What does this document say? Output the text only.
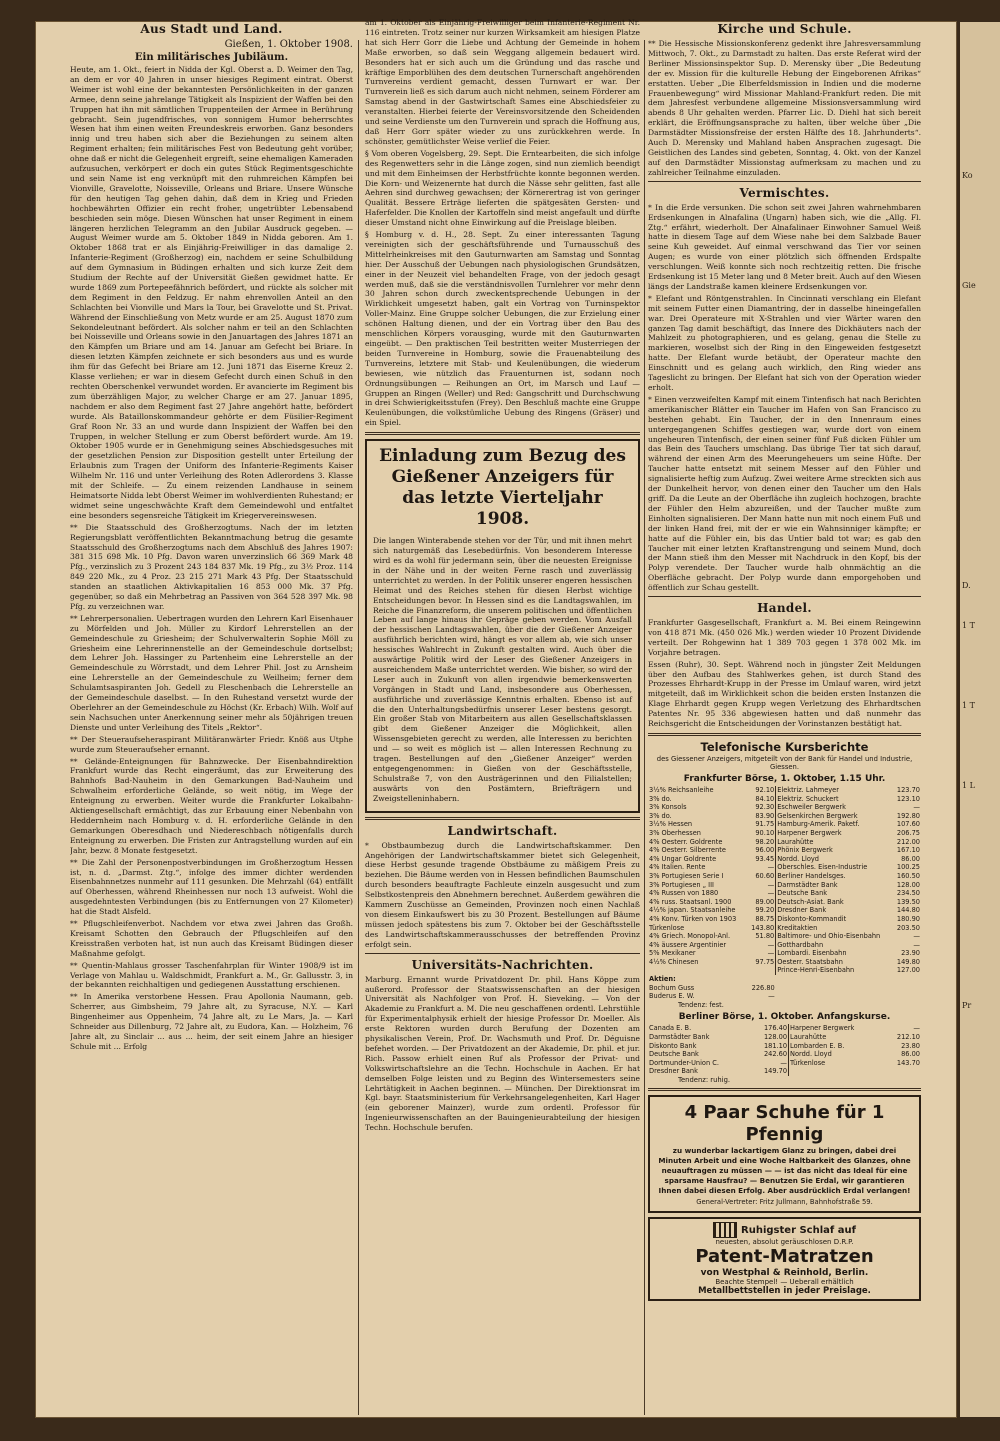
Ko
Gie
D.
1 T
1 T
1 L
Pr
Aus Stadt und Land.
Gießen, 1. Oktober 1908.
Ein militärisches Jubiläum.

Heute, am 1. Okt., feiert in Nidda der Kgl. Oberst a. D. Weimer den Tag, an dem er vor 40 Jahren in unser hiesiges Regiment eintrat. Oberst Weimer ist wohl eine der bekanntesten Persönlichkeiten in der ganzen Armee, denn seine jahrelange Tätigkeit als Inspizient der Waffen bei den Truppen hat ihn mit sämtlichen Truppenteilen der Armee in Berührung gebracht. Sein jugendfrisches, von sonnigem Humor beherrschtes Wesen hat ihm einen weiten Freundeskreis erworben. Ganz besonders innig und treu haben sich aber die Beziehungen zu seinem alten Regiment erhalten; fein militärisches Fest von Bedeutung geht vorüber, ohne daß er nicht die Gelegenheit ergreift, seine ehemaligen Kameraden aufzusuchen, verkörpert er doch ein gutes Stück Regimentsgeschichte und sein Name ist eng verknüpft mit den ruhmreichen Kämpfen bei Vionville, Gravelotte, Noisseville, Orleans und Briare. Unsere Wünsche für den heutigen Tag gehen dahin, daß dem in Krieg und Frieden hochbewährten Offizier ein recht froher, ungetrübter Lebensabend beschieden sein möge. Diesen Wünschen hat unser Regiment in einem längeren herzlichen Telegramm an den Jubilar Ausdruck gegeben. — August Weimer wurde am 5. Oktober 1849 in Nidda geboren. Am 1. Oktober 1868 trat er als Einjährig-Freiwilliger in das damalige 2. Infanterie-Regiment (Großherzog) ein, nachdem er seine Schulbildung auf dem Gymnasium in Büdingen erhalten und sich kurze Zeit dem Studium der Rechte auf der Universität Gießen gewidmet hatte. Er wurde 1869 zum Portepeefähnrich befördert, und rückte als solcher mit dem Regiment in den Feldzug. Er nahm ehrenvollen Anteil an den Schlachten bei Vionville und Mars la Tour, bei Gravelotte und St. Privat. Während der Einschließung von Metz wurde er am 25. August 1870 zum Sekondeleutnant befördert. Als solcher nahm er teil an den Schlachten bei Noisseville und Orleans sowie in den Januartagen des Jahres 1871 an den Kämpfen um Briare und am 14. Januar am Gefecht bei Briare. In diesen letzten Kämpfen zeichnete er sich besonders aus und es wurde ihm für das Gefecht bei Briare am 12. Juni 1871 das Eiserne Kreuz 2. Klasse verliehen; er war in diesem Gefecht durch einen Schuß in den rechten Oberschenkel verwundet worden. Er avancierte im Regiment bis zum überzähligen Major, zu welcher Charge er am 27. Januar 1895, nachdem er also dem Regiment fast 27 Jahre angehört hatte, befördert wurde. Als Bataillonskommandeur gehörte er dem Füsilier-Regiment Graf Roon Nr. 33 an und wurde dann Inspizient der Waffen bei den Truppen, in welcher Stellung er zum Oberst befördert wurde. Am 19. Oktober 1905 wurde er in Genehmigung seines Abschiedsgesuches mit der gesetzlichen Pension zur Disposition gestellt unter Erteilung der Erlaubnis zum Tragen der Uniform des Infanterie-Regiments Kaiser Wilhelm Nr. 116 und unter Verleihung des Roten Adlerordens 3. Klasse mit der Schleife. — Zu einem reizenden Landhause in seinem Heimatsorte Nidda lebt Oberst Weimer im wohlverdienten Ruhestand; er widmet seine ungeschwächte Kraft dem Gemeindewohl und entfaltet eine besonders segensreiche Tätigkeit im Kriegervereinswesen.

** Die Staatsschuld des Großherzogtums. Nach der im letzten Regierungsblatt veröffentlichten Bekanntmachung betrug die gesamte Staatsschuld des Großherzogtums nach dem Abschluß des Jahres 1907: 381 315 698 Mk. 10 Pfg. Davon waren unverzinslich 66 369 Mark 48 Pfg., verzinslich zu 3 Prozent 243 184 837 Mk. 19 Pfg., zu 3½ Proz. 114 849 220 Mk., zu 4 Proz. 23 215 271 Mark 43 Pfg. Der Staatsschuld standen an staatlichen Aktivkapitalien 16 853 000 Mk. 37 Pfg. gegenüber, so daß ein Mehrbetrag an Passiven von 364 528 397 Mk. 98 Pfg. zu verzeichnen war.

** Lehrerpersonalien. Uebertragen wurden den Lehrern Karl Eisenhauer zu Mörfelden und Joh. Müller zu Kirdorf Lehrerstellen an der Gemeindeschule zu Griesheim; der Schulverwalterin Sophie Möll zu Griesheim eine Lehrerinnenstelle an der Gemeindeschule dortselbst; dem Lehrer Joh. Hassinger zu Partenheim eine Lehrerstelle an der Gemeindeschule zu Wörrstadt, und dem Lehrer Phil. Jost zu Arnsheim eine Lehrerstelle an der Gemeindeschule zu Weilheim; ferner dem Schulamtsaspiranten Joh. Gedell zu Fleschenbach die Lehrerstelle an der Gemeindeschule daselbst. — In den Ruhestand versetzt wurde der Oberlehrer an der Gemeindeschule zu Höchst (Kr. Erbach) Wilh. Wolf auf sein Nachsuchen unter Anerkennung seiner mehr als 50jährigen treuen Dienste und unter Verleihung des Titels „Rektor“.

** Der Steueraufseheraspirant Militäranwärter Friedr. Knöß aus Utphe wurde zum Steueraufseher ernannt.

** Gelände-Enteignungen für Bahnzwecke. Der Eisenbahndirektion Frankfurt wurde das Recht eingeräumt, das zur Erweiterung des Bahnhofs Bad-Nauheim in den Gemarkungen Bad-Nauheim und Schwalheim erforderliche Gelände, so weit nötig, im Wege der Enteignung zu erwerben. Weiter wurde die Frankfurter Lokalbahn-Aktiengesellschaft ermächtigt, das zur Erbauung einer Nebenbahn von Heddernheim nach Homburg v. d. H. erforderliche Gelände in den Gemarkungen Oberesdhach und Niedereschbach nötigenfalls durch Enteignung zu erwerben. Die Fristen zur Antragstellung wurden auf ein Jahr, bezw. 8 Monate festgesetzt.

** Die Zahl der Personenpostverbindungen im Großherzogtum Hessen ist, n. d. „Darmst. Ztg.“, infolge des immer dichter werdenden Eisenbahnnetzes nunmehr auf 111 gesunken. Die Mehrzahl (64) entfällt auf Oberhessen, während Rheinhessen nur noch 13 aufweist. Wohl die ausgedehntesten Verbindungen (bis zu Entfernungen von 27 Kilometer) hat die Stadt Alsfeld.

** Pflugschleifenverbot. Nachdem vor etwa zwei Jahren das Großh. Kreisamt Schotten den Gebrauch der Pflugschleifen auf den Kreisstraßen verboten hat, ist nun auch das Kreisamt Büdingen dieser Maßnahme gefolgt.

** Quentin-Mahlaus grosser Taschenfahrplan für Winter 1908/9 ist im Verlage von Mahlau u. Waldschmidt, Frankfurt a. M., Gr. Gallusstr. 3, in der bekannten reichhaltigen und gediegenen Ausstattung erschienen.

** In Amerika verstorbene Hessen. Frau Apollonia Naumann, geb. Scherrer, aus Gimbsheim, 79 Jahre alt, zu Syracuse, N.Y. — Karl Bingenheimer aus Oppenheim, 74 Jahre alt, zu Le Mars, Ja. — Karl Schneider aus Dillenburg, 72 Jahre alt, zu Eudora, Kan. — Holzheim, 76 Jahre alt, zu Sinclair ... aus ... heim, der seit einem Jahre an hiesiger Schule mit ... Erfolg

am 1. Oktober als Einjährig-Freiwilliger beim Infanterie-Regiment Nr. 116 eintreten. Trotz seiner nur kurzen Wirksamkeit am hiesigen Platze hat sich Herr Gorr die Liebe und Achtung der Gemeinde in hohem Maße erworben, so daß sein Weggang allgemein bedauert wird. Besonders hat er sich auch um die Gründung und das rasche und kräftige Emporblühen des dem deutschen Turnerschaft angehörenden Turnvereins verdient gemacht, dessen Turnwart er war. Der Turnverein ließ es sich darum auch nicht nehmen, seinem Förderer am Samstag abend in der Gastwirtschaft Sames eine Abschiedsfeier zu veranstalten. Hierbei feierte der Vereinsvorsitzende den Scheidenden und seine Verdienste um den Turnverein und sprach die Hoffnung aus, daß Herr Gorr später wieder zu uns zurückkehren werde. In schönster, gemütlichster Weise verlief die Feier.

§ Vom oberen Vogelsberg, 29. Sept. Die Erntearbeiten, die sich infolge des Regenwetters sehr in die Länge zogen, sind nun ziemlich beendigt und mit dem Einheimsen der Herbstfrüchte konnte begonnen werden. Die Korn- und Weizenernte hat durch die Nässe sehr gelitten, fast alle Aehren sind durchweg gewachsen; der Körnerertrag ist von geringer Qualität. Bessere Erträge lieferten die spätgesäten Gersten- und Haferfelder. Die Knollen der Kartoffeln sind meist angefault und dürfte dieser Umstand nicht ohne Einwirkung auf die Preislage bleiben.

§ Homburg v. d. H., 28. Sept. Zu einer interessanten Tagung vereinigten sich der geschäftsführende und Turnausschuß des Mittelrheinkreises mit den Gauturnwarten am Samstag und Sonntag hier. Der Ausschuß der Uebungen nach physiologischen Grundsätzen, einer in der Neuzeit viel behandelten Frage, von der jedoch gesagt werden muß, daß sie die verständnisvollen Turnlehrer vor mehr denn 30 Jahren schon durch zweckentsprechende Uebungen in der Wirklichkeit umgesetzt haben, galt ein Vortrag von Turninspektor Voller-Mainz. Eine Gruppe solcher Uebungen, die zur Erzielung einer schönen Haltung dienen, und der ein Vortrag über den Bau des menschlichen Körpers vorausging, wurde mit den Gauturnwarten eingeübt. — Den praktischen Teil bestritten weiter Musterriegen der beiden Turnvereine in Homburg, sowie die Frauenabteilung des Turnvereins, letztere mit Stab- und Keulenübungen, die wiederum bewiesen, wie nützlich das Frauenturnen ist, sodann noch Ordnungsübungen — Reihungen an Ort, im Marsch und Lauf — Gruppen an Ringen (Weller) und Red: Gangschritt und Durchschwung in drei Schwierigkeitsstufen (Frey). Den Beschluß machte eine Gruppe Keulenübungen, die volkstümliche Uebung des Ringens (Gräser) und ein Spiel.

Einladung zum Bezug des Gießener Anzeigers für das letzte Vierteljahr 1908.

Die langen Winterabende stehen vor der Tür, und mit ihnen mehrt sich naturgemäß das Lesebedürfnis. Von besonderem Interesse wird es da wohl für jedermann sein, über die neuesten Ereignisse in der Nähe und in der weiten Ferne rasch und zuverlässig unterrichtet zu werden. In der Politik unserer engeren hessischen Heimat und des Reiches stehen für diesen Herbst wichtige Entscheidungen bevor. In Hessen sind es die Landtagswahlen, im Reiche die Finanzreform, die unserem politischen und öffentlichen Leben auf lange hinaus ihr Gepräge geben werden. Vom Ausfall der hessischen Landtagswahlen, über die der Gießener Anzeiger ausführlich berichten wird, hängt es vor allem ab, wie sich unser hessisches Wahlrecht in Zukunft gestalten wird. Auch über die auswärtige Politik wird der Leser des Gießener Anzeigers in ausreichendem Maße unterrichtet werden. Wie bisher, so wird der Leser auch in Zukunft von allen irgendwie bemerkenswerten Vorgängen in Stadt und Land, insbesondere aus Oberhessen, ausführliche und zuverlässige Kenntnis erhalten. Ebenso ist auf die den Unterhaltungsbedürfnis unserer Leser bestens gesorgt. Ein großer Stab von Mitarbeitern aus allen Gesellschaftsklassen gibt dem Gießener Anzeiger die Möglichkeit, allen Wissensgebieten gerecht zu werden, alle Interessen zu berichten und — so weit es möglich ist — allen Interessen Rechnung zu tragen. Bestellungen auf den „Gießener Anzeiger“ werden entgegengenommen: in Gießen von der Geschäftsstelle, Schulstraße 7, von den Austrägerinnen und den Filialstellen; auswärts von den Postämtern, Briefträgern und Zweigstelleninhabern.

Landwirtschaft.

* Obstbaumbezug durch die Landwirtschaftskammer. Den Angehörigen der Landwirtschaftskammer bietet sich Gelegenheit, diese Herbst gesunde tragende Obstbäume zu mäßigem Preis zu beziehen. Die Bäume werden von in Hessen befindlichen Baumschulen durch besonders beauftragte Fachleute einzeln ausgesucht und zum Selbstkostenpreis den Abnehmern berechnet. Außerdem gewähren die Kammern Zuschüsse an Gemeinden, Provinzen noch einen Nachlaß von diesem Einkaufswert bis zu 30 Prozent. Bestellungen auf Bäume müssen jedoch spätestens bis zum 7. Oktober bei der Geschäftsstelle des Landwirtschaftskammerausschusses der betreffenden Provinz erfolgt sein.

Universitäts-Nachrichten.

Marburg. Ernannt wurde Privatdozent Dr. phil. Hans Köppe zum außerord. Professor der Staatswissenschaften an der hiesigen Universität als Nachfolger von Prof. H. Sieveking. — Von der Akademie zu Frankfurt a. M. Die neu geschaffenen ordentl. Lehrstühle für Experimentalphysik erhielt der hiesige Professor Dr. Moeller. Als erste Rektoren wurden durch Berufung der Dozenten am physikalischen Verein, Prof. Dr. Wachsmuth und Prof. Dr. Déguisne befehet worden. — Der Privatdozent an der Akademie, Dr. phil. et jur. Rich. Passow erhielt einen Ruf als Professor der Privat- und Volkswirtschaftslehre an die Techn. Hochschule in Aachen. Er hat demselben Folge leisten und zu Beginn des Wintersemesters seine Lehrtätigkeit in Aachen beginnen. — München. Der Direktionsrat im Kgl. bayr. Staatsministerium für Verkehrsangelegenheiten, Karl Hager (ein geborener Mainzer), wurde zum ordentl. Professor für Ingenieurwissenschaften an der Bauingenieurabteilung der hiesigen Techn. Hochschule berufen.

Kirche und Schule.

** Die Hessische Missionskonferenz gedenkt ihre Jahresversammlung Mittwoch, 7. Okt., zu Darmstadt zu halten. Das erste Referat wird der Berliner Missionsinspektor Sup. D. Merensky über „Die Bedeutung der ev. Mission für die kulturelle Hebung der Eingeborenen Afrikas“ erstatten. Ueber „Die Elberfeldsmission in Indien und die moderne Frauenbewegung“ wird Missionar Mahland-Frankfurt reden. Die mit dem Jahresfest verbundene allgemeine Missionsversammlung wird abends 8 Uhr gehalten werden. Pfarrer Lic. D. Diehl hat sich bereit erklärt, die Eröffnungsansprache zu halten, über welche über „Die Darmstädter Missionsfreise der ersten Hälfte des 18. Jahrhunderts“. Auch D. Merensky und Mahland haben Ansprachen zugesagt. Die Geistlichen des Landes sind gebeten, Sonntag, 4. Okt. von der Kanzel auf den Darmstädter Missionstag aufmerksam zu machen und zu zahlreicher Teilnahme einzuladen.

Vermischtes.

* In die Erde versunken. Die schon seit zwei Jahren wahrnehmbaren Erdsenkungen in Alnafalina (Ungarn) haben sich, wie die „Allg. Fl. Ztg.“ erfährt, wiederholt. Der Alnafalinaer Einwohner Samuel Weiß hatte in diesem Tage auf dem Wiese nahe bei dem Salzbade Bauer seine Kuh geweidet. Auf einmal verschwand das Tier vor seinen Augen; es wurde von einer plötzlich sich öffnenden Erdspalte verschlungen. Weiß konnte sich noch rechtzeitig retten. Die frische Erdsenkung ist 15 Meter lang und 8 Meter breit. Auch auf den Wiesen längs der Landstraße kamen kleinere Erdsenkungen vor.

* Elefant und Röntgenstrahlen. In Cincinnati verschlang ein Elefant mit seinem Futter einen Diamantring, der in dasselbe hineingefallen war. Drei Operateure mit X-Strahlen und vier Wärter waren den ganzen Tag damit beschäftigt, das Innere des Dickhäuters nach der Mahlzeit zu photographieren, und es gelang, genau die Stelle zu markieren, woselbst sich der Ring in den Eingeweiden festgesetzt hatte. Der Elefant wurde betäubt, der Operateur machte den Einschnitt und es gelang auch wirklich, den Ring wieder ans Tageslicht zu bringen. Der Elefant hat sich von der Operation wieder erholt.

* Einen verzweifelten Kampf mit einem Tintenfisch hat nach Berichten amerikanischer Blätter ein Taucher im Hafen von San Francisco zu bestehen gehabt. Ein Taucher, der in den Innenraum eines untergegangenen Schiffes gestiegen war, wurde dort von einem ungeheuren Tintenfisch, der einen seiner fünf Fuß dicken Fühler um das Bein des Tauchers umschlang. Das übrige Tier tat sich darauf, während der einen Arm des Meerungeheuers um seine Hüfte. Der Taucher hatte entsetzt mit seinem Messer auf den Fühler und signalisierte heftig zum Aufzug. Zwei weitere Arme streckten sich aus der Dunkelheit hervor, von denen einer den Taucher um den Hals griff. Da die Leute an der Oberfläche ihn zugleich hochzogen, brachte der Fühler den Helm abzureißen, und der Taucher mußte zum Einholten signalisieren. Der Mann hatte nun mit noch einem Fuß und der linken Hand frei, mit der er wie ein Wahnsinniger kämpfte; er hatte auf die Fühler ein, bis das Untier bald tot war; es gab den Taucher mit einer letzten Kraftanstrengung und seinem Mund, doch der Mann stieß ihm den Messer mit Nachdruck in den Kopf, bis der Polyp verendete. Der Taucher wurde halb ohnmächtig an die Oberfläche gebracht. Der Polyp wurde dann emporgehoben und öffentlich zur Schau gestellt.

Handel.

Frankfurter Gasgesellschaft, Frankfurt a. M. Bei einem Reingewinn von 418 871 Mk. (450 026 Mk.) werden wieder 10 Prozent Dividende verteilt. Der Rohgewinn hat 1 389 703 gegen 1 378 002 Mk. im Vorjahre betragen.

Essen (Ruhr), 30. Sept. Während noch in jüngster Zeit Meldungen über den Aufbau des Stahlwerkes gehen, ist durch Stand des Prozesses Ehrhardt-Krupp in der Presse im Umlauf waren, wird jetzt mitgeteilt, daß im Wirklichkeit schon die beiden ersten Instanzen die Klage Ehrhardt gegen Krupp wegen Verletzung des Ehrhardtschen Patentes Nr. 95 336 abgewiesen hatten und daß nunmehr das Reichsgericht die Entscheidungen der Vorinstanzen bestätigt hat.

Telefonische Kursberichte
des Giessener Anzeigers, mitgeteilt von der Bank für Handel und Industrie, Giessen.
Frankfurter Börse, 1. Oktober, 1.15 Uhr.
3½% Reichsanleihe	92.10	Elektriz. Lahmeyer	123.70
3% do.	84.10	Elektriz. Schuckert	123.10
3% Konsols	92.30	Eschweiler Bergwerk	—
3% do.	83.90	Gelsenkirchen Bergwerk	192.80
3½% Hessen	91.75	Hamburg-Amerik. Paketf.	107.60
3% Oberhessen	90.10	Harpener Bergwerk	206.75
4% Oesterr. Goldrente	98.20	Laurahütte	212.00
4% Oesterr. Silberrente	96.00	Phönix Bergwerk	167.10
4% Ungar Goldrente	93.45	Nordd. Lloyd	86.00
4% Italien. Rente	—	Oberschles. Eisen-Industrie	100.25
3% Portugiesen Serie I	60.60	Berliner Handelsges.	160.50
3% Portugiesen „ III	—	Darmstädter Bank	128.00
4% Russen von 1880	—	Deutsche Bank	234.50
4% russ. Staatsanl. 1900	89.00	Deutsch-Asiat. Bank	139.50
4½% japan. Staatsanleihe	99.20	Dresdner Bank	144.80
4% Konv. Türken von 1903	88.75	Diskonto-Kommandit	180.90
Türkenlose	143.80	Kreditaktien	203.50
4% Griech. Monopol-Anl.	51.80	Baltimore- und Ohio-Eisenbahn	—
4% äussere Argentinier	—	Gotthardbahn	—
5% Mexikaner	—	Lombardi. Eisenbahn	23.90
4½% Chinesen	97.75	Oesterr. Staatsbahn	149.80
		Prince-Henri-Eisenbahn	127.00
Aktien:			
Bochum Guss	226.80		
Buderus E. W.	—		
Tendenz: fest.			
Berliner Börse, 1. Oktober. Anfangskurse.
Canada E. B.	176.40	Harpener Bergwerk	—
Darmstädter Bank	128.00	Laurahütte	212.10
Diskonto Bank	181.10	Lombarden E. B.	23.80
Deutsche Bank	242.60	Nordd. Lloyd	86.00
Dortmunder-Union C.	—	Türkenlose	143.70
Dresdner Bank	149.70		
Tendenz: ruhig.
4 Paar Schuhe für 1 Pfennig

zu wunderbar lackartigem Glanz zu bringen, dabei drei Minuten Arbeit und eine Woche Haltbarkeit des Glanzes, ohne neuauftragen zu müssen — — ist das nicht das Ideal für eine sparsame Hausfrau? — Benutzen Sie Erdal, wir garantieren Ihnen dabei diesen Erfolg. Aber ausdrücklich Erdal verlangen!

General-Vertreter: Fritz Jullmann, Bahnhofstraße 59.
Ruhigster Schlaf auf
neuesten, absolut geräuschlosen D.R.P.
Patent-Matratzen
von Westphal & Reinhold, Berlin.
Beachte Stempel! — Ueberall erhältlich
Metallbettstellen in jeder Preislage.
